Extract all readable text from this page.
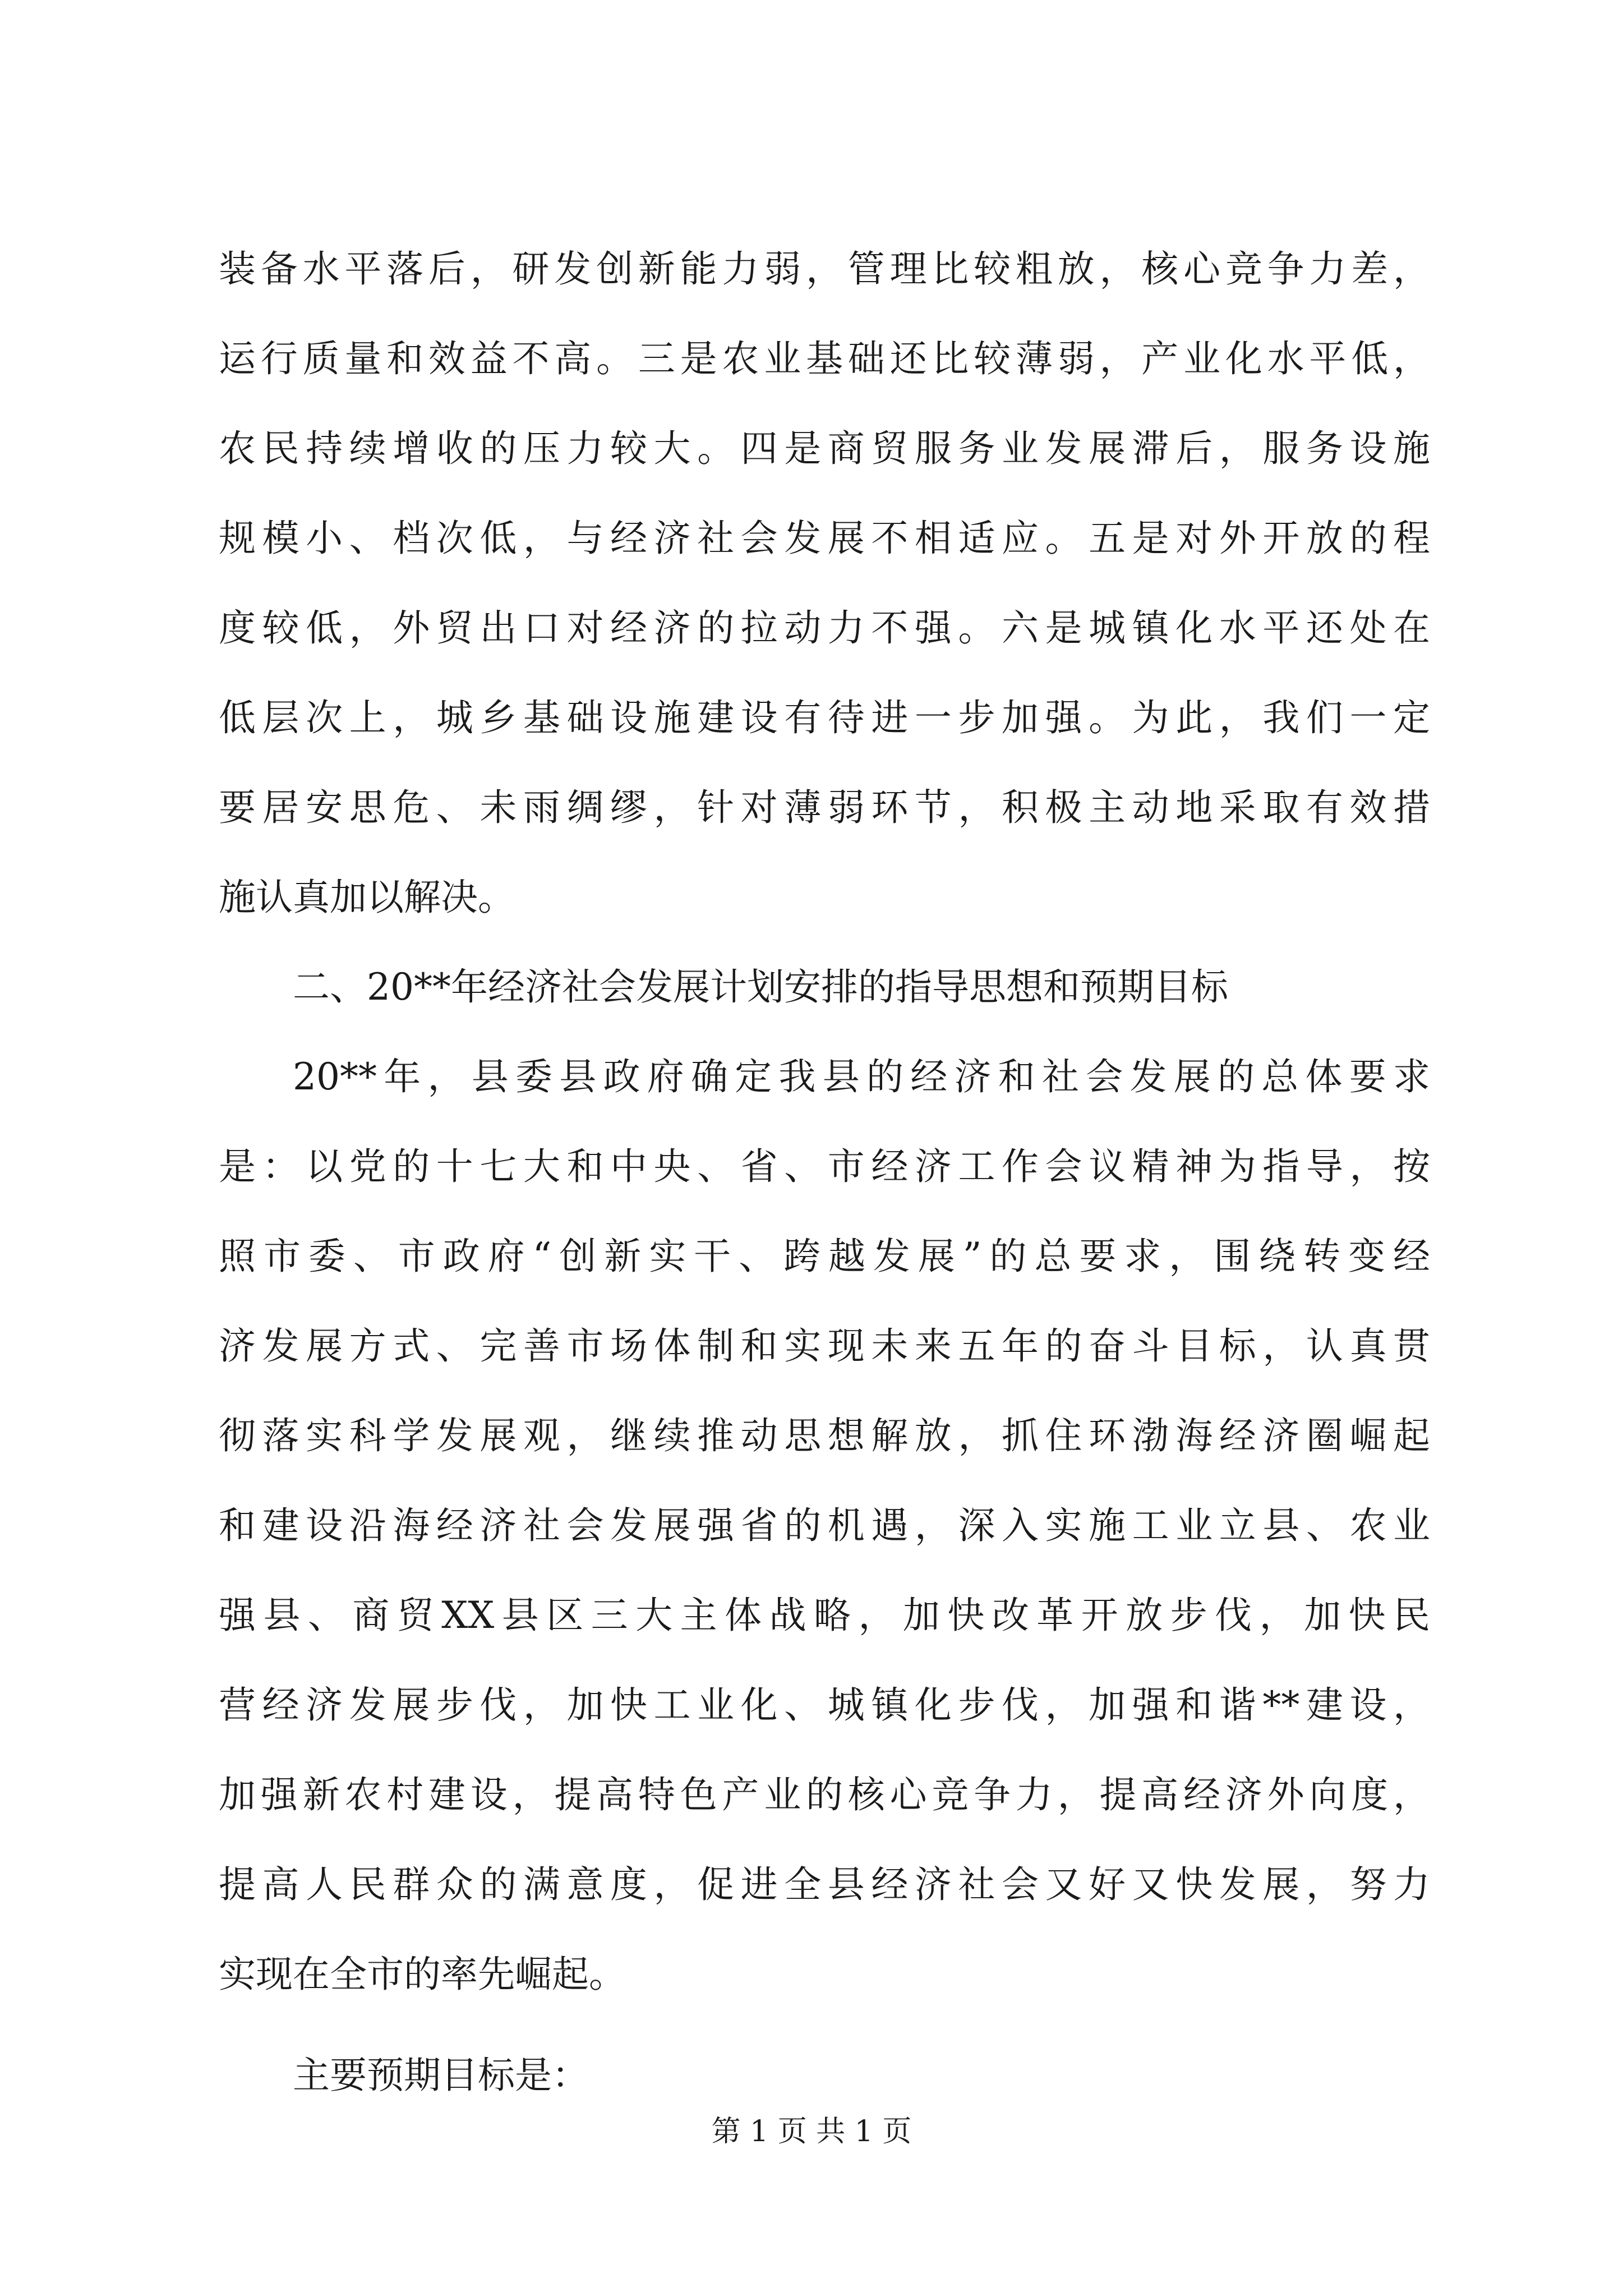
装备水平落后，研发创新能力弱，管理比较粗放，核心竞争力差，
运行质量和效益不高。三是农业基础还比较薄弱，产业化水平低，
农民持续增收的压力较大。四是商贸服务业发展滞后，服务设施
规模小、档次低，与经济社会发展不相适应。五是对外开放的程
度较低，外贸出口对经济的拉动力不强。六是城镇化水平还处在
低层次上，城乡基础设施建设有待进一步加强。为此，我们一定
要居安思危、未雨绸缪，针对薄弱环节，积极主动地采取有效措
施认真加以解决。
二、20**年经济社会发展计划安排的指导思想和预期目标
20**年，县委县政府确定我县的经济和社会发展的总体要求
是：以党的十七大和中央、省、市经济工作会议精神为指导，按
照市委、市政府“创新实干、跨越发展”的总要求，围绕转变经
济发展方式、完善市场体制和实现未来五年的奋斗目标，认真贯
彻落实科学发展观，继续推动思想解放，抓住环渤海经济圈崛起
和建设沿海经济社会发展强省的机遇，深入实施工业立县、农业
强县、商贸XX县区三大主体战略，加快改革开放步伐，加快民
营经济发展步伐，加快工业化、城镇化步伐，加强和谐**建设，
加强新农村建设，提高特色产业的核心竞争力，提高经济外向度，
提高人民群众的满意度，促进全县经济社会又好又快发展，努力
实现在全市的率先崛起。
主要预期目标是：
第 1 页 共 1 页
